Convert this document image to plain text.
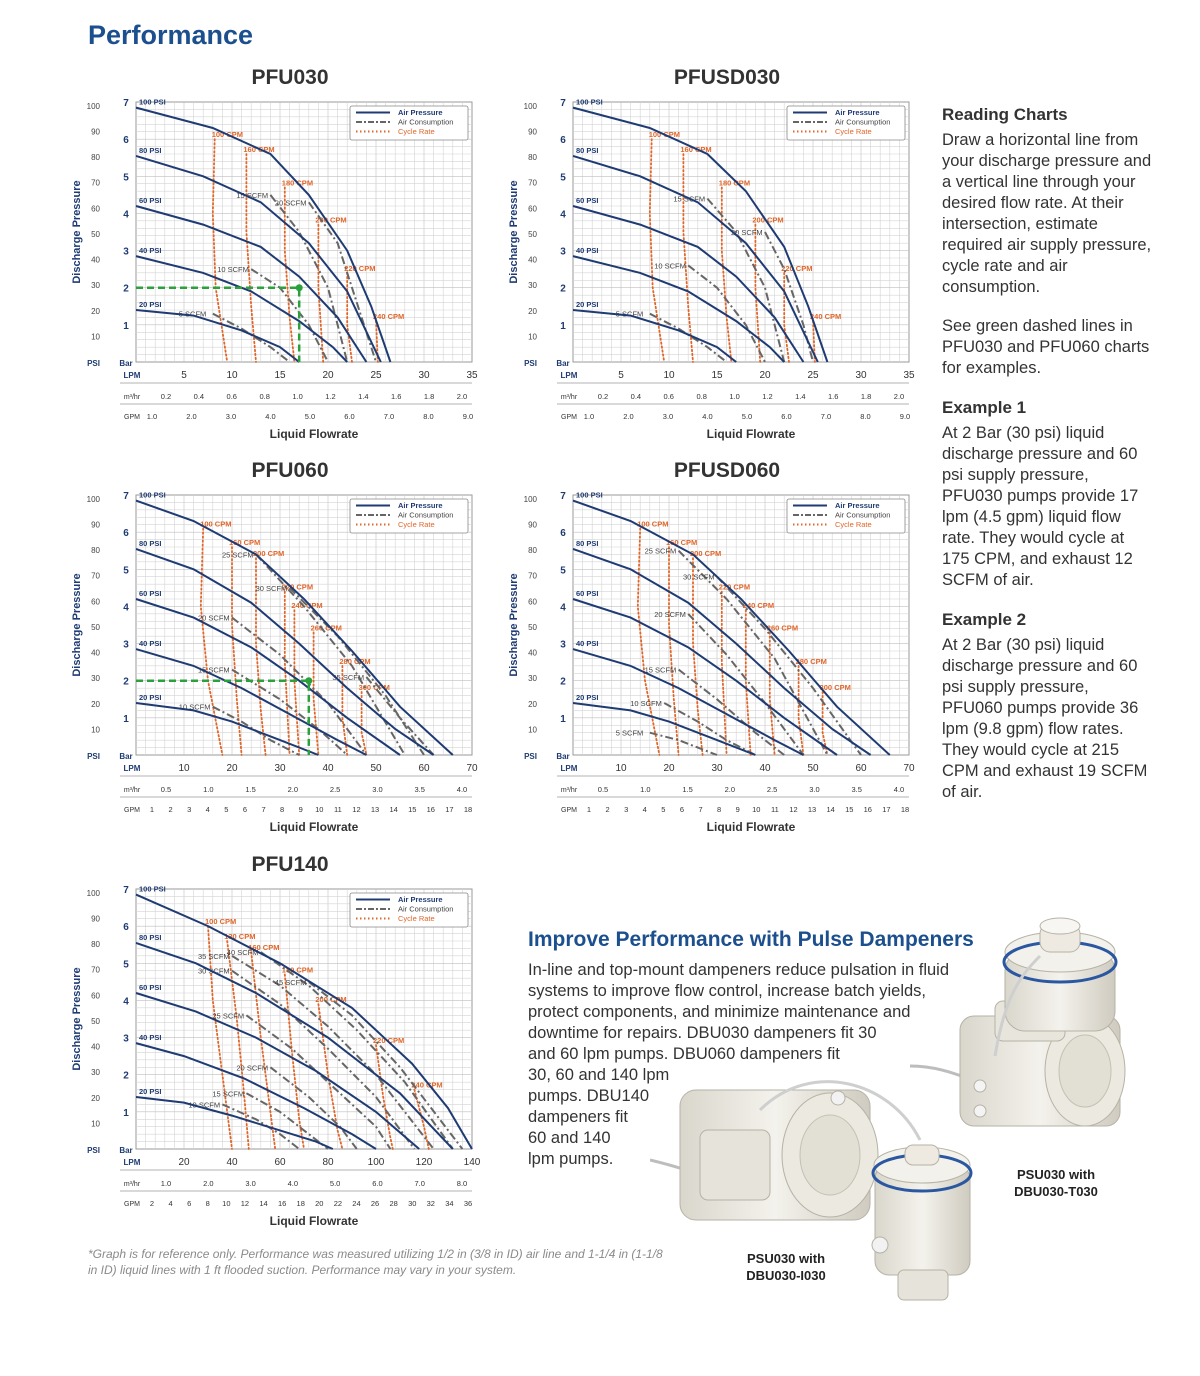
Performance
PFU030
1
2
3
4
5
6
7
10
20
30
40
50
60
70
80
90
100
PSI Bar
Discharge Pressure
LPM	5	10	15	20	25	30	35
m³/hr	0.2	0.4	0.6	0.8	1.0	1.2	1.4	1.6	1.8	2.0
GPM 1.0	2.0	3.0	4.0	5.0	6.0	7.0	8.0	9.0
Liquid Flowrate
100 CPM
160 CPM
180 CPM
200 CPM
220 CPM
240 CPM
5 SCFM
10 SCFM
15 SCFM
20 SCFM
100 PSI
80 PSI
60 PSI
40 PSI
20 PSI
Air Pressure
Air Consumption
Cycle Rate
PFUSD030
1
2
3
4
5
6
7
10
20
30
40
50
60
70
80
90
100
PSI Bar
Discharge Pressure
LPM	5	10	15	20	25	30	35
m³/hr	0.2	0.4	0.6	0.8	1.0	1.2	1.4	1.6	1.8	2.0
GPM 1.0	2.0	3.0	4.0	5.0	6.0	7.0	8.0	9.0
Liquid Flowrate
100 CPM
160 CPM
180 CPM
200 CPM
220 CPM
240 CPM
5 SCFM
10 SCFM
15 SCFM
20 SCFM
100 PSI
80 PSI
60 PSI
40 PSI
20 PSI
Air Pressure
Air Consumption
Cycle Rate
PFU060
1
2
3
4
5
6
7
10
20
30
40
50
60
70
80
90
100
PSI Bar
Discharge Pressure
LPM	10	20	30	40	50	60	70
m³/hr	0.5	1.0	1.5	2.0	2.5	3.0	3.5	4.0
GPM 1 2 3 4 5 6 7 8 9 10 11 12 13 14 15 16 17 18
Liquid Flowrate
100 CPM
160 CPM
200 CPM
220 CPM
240 CPM
260 CPM
280 CPM
300 CPM
10 SCFM
15 SCFM
20 SCFM
25 SCFM
30 SCFM
35 SCFM
100 PSI
80 PSI
60 PSI
40 PSI
20 PSI
Air Pressure
Air Consumption
Cycle Rate
PFUSD060
1
2
3
4
5
6
7
10
20
30
40
50
60
70
80
90
100
PSI Bar
Discharge Pressure
LPM	10	20	30	40	50	60	70
m³/hr	0.5	1.0	1.5	2.0	2.5	3.0	3.5	4.0
GPM 1 2 3 4 5 6 7 8 9 10 11 12 13 14 15 16 17 18
Liquid Flowrate
100 CPM
160 CPM
200 CPM
220 CPM
240 CPM
260 CPM
280 CPM
300 CPM
5 SCFM
10 SCFM
15 SCFM
20 SCFM
25 SCFM
30 SCFM
100 PSI
80 PSI
60 PSI
40 PSI
20 PSI
Air Pressure
Air Consumption
Cycle Rate
PFU140
1
2
3
4
5
6
7
10
20
30
40
50
60
70
80
90
100
PSI Bar
Discharge Pressure
LPM	20	40	60	80	100	120	140
m³/hr	1.0	2.0	3.0	4.0	5.0	6.0	7.0	8.0
GPM 2 4 6 8 10 12 14 16 18 20 22 24 26 28 30 32 34 36
Liquid Flowrate
100 CPM
130 CPM
160 CPM
180 CPM
200 CPM
220 CPM
240 CPM
10 SCFM
15 SCFM
20 SCFM
25 SCFM
30 SCFM
35 SCFM
40 SCFM
45 SCFM
100 PSI
80 PSI
60 PSI
40 PSI
20 PSI
Air Pressure
Air Consumption
Cycle Rate
Reading Charts

Draw a horizontal line from your discharge pressure and a vertical line through your desired flow rate. At their intersection, estimate required air supply pressure, cycle rate and air consumption.

See green dashed lines in PFU030 and PFU060 charts for examples.

Example 1

At 2 Bar (30 psi) liquid discharge pressure and 60 psi supply pressure, PFU030 pumps provide 17 lpm (4.5 gpm) liquid flow rate. They would cycle at 175 CPM, and exhaust 12 SCFM of air.

Example 2

At 2 Bar (30 psi) liquid discharge pressure and 60 psi supply pressure, PFU060 pumps provide 36 lpm (9.8 gpm) flow rates. They would cycle at 215 CPM and exhaust 19 SCFM of air.

Improve Performance with Pulse Dampeners
In-line and top-mount dampeners reduce pulsation in fluid
systems to improve flow control, increase batch yields,
protect components, and minimize maintenance and
downtime for repairs. DBU030 dampeners fit 30
and 60 lpm pumps. DBU060 dampeners fit
30, 60 and 140 lpm
pumps. DBU140
dampeners fit
60 and 140
lpm pumps.
PSU030 with
DBU030-I030
PSU030 with
DBU030-T030
*Graph is for reference only. Performance was measured utilizing 1/2 in (3/8 in ID) air line and 1-1/4 in (1-1/8 in ID) liquid lines with 1 ft flooded suction. Performance may vary in your system.
